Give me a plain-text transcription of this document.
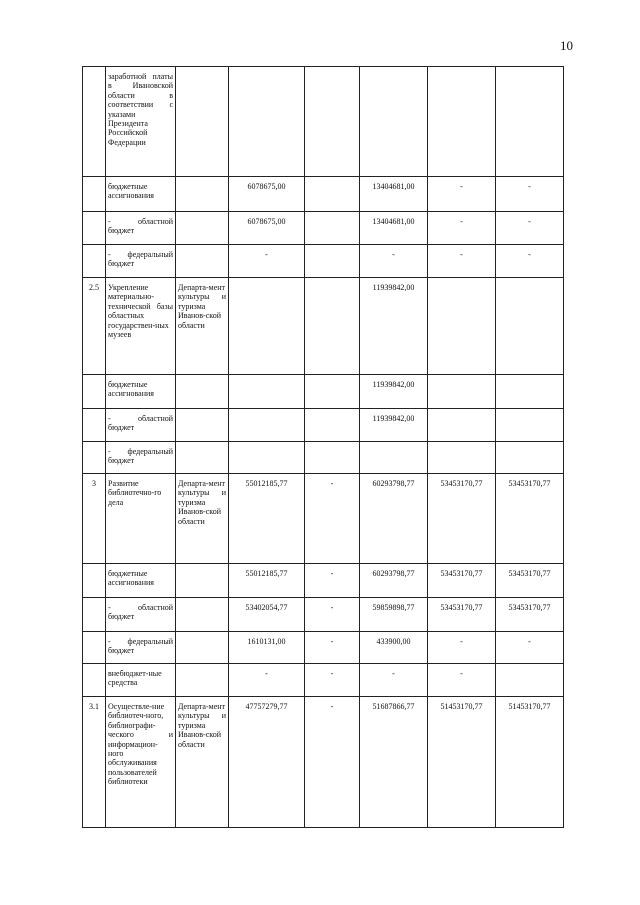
10
	заработной платы в Ивановской области в соответствии с указами Президента Российской Федерации							
	бюджетные ассигнования		6078675,00		13404681,00	-	-	
	- областной бюджет		6078675,00		13404681,00	-	-	
	- федеральный бюджет		-		-	-	-	
2.5	Укрепление материально-технической базы областных государствен-ных музеев	Департа-мент культуры и туризма Иванов-ской области			11939842,00			
	бюджетные ассигнования				11939842,00			
	- областной бюджет				11939842,00			
	- федеральный бюджет							
3	Развитие библиотечно-го дела	Департа-мент культуры и туризма Иванов-ской области	55012185,77	-	60293798,77	53453170,77	53453170,77	
	бюджетные ассигнования		55012185,77	-	60293798,77	53453170,77	53453170,77	
	- областной бюджет		53402054,77	-	59859898,77	53453170,77	53453170,77	
	- федеральный бюджет		1610131,00	-	433900,00	-	-	
	внебюджет-ные средства		-	-	-	-		
3.1	Осуществле-ние библиотеч-ного, библиографи-ческого и информацион-ного обслуживания пользователей библиотеки	Департа-мент культуры и туризма Иванов-ской области	47757279,77	-	51687866,77	51453170,77	51453170,77	
